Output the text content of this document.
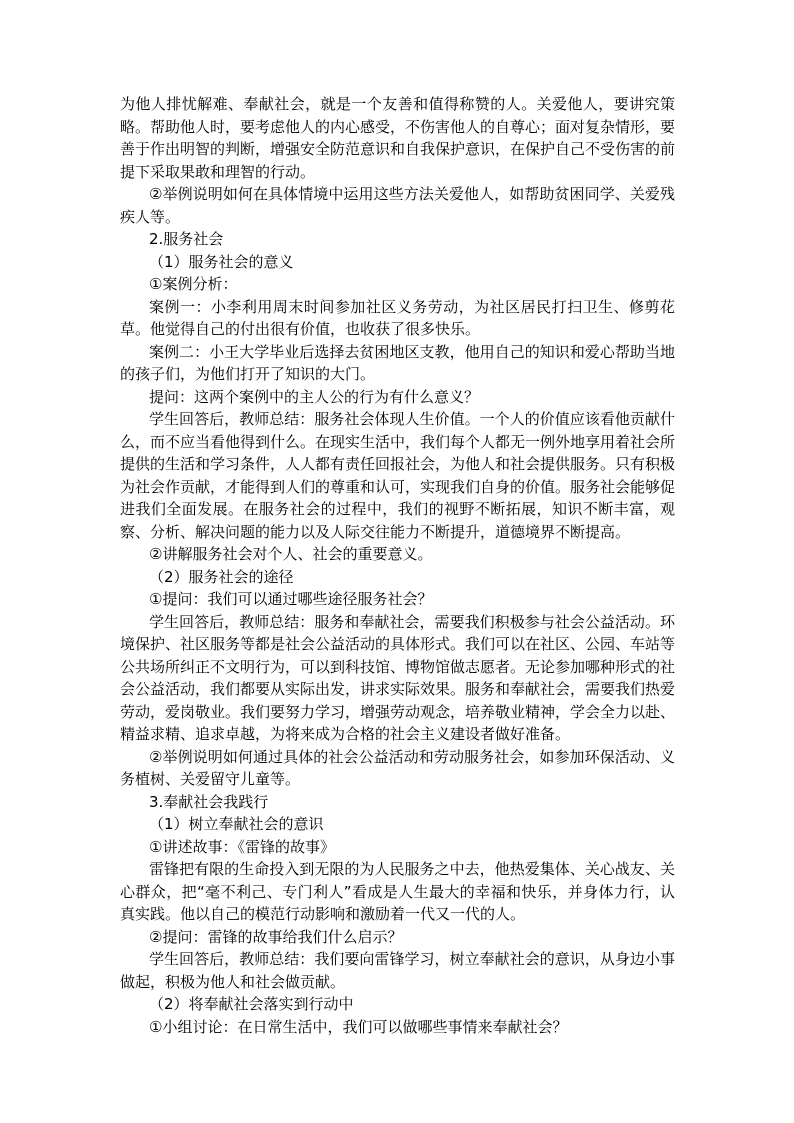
为他人排忧解难、奉献社会，就是一个友善和值得称赞的人。关爱他人，要讲究策略。帮助他人时，要考虑他人的内心感受，不伤害他人的自尊心；面对复杂情形，要善于作出明智的判断，增强安全防范意识和自我保护意识，在保护自己不受伤害的前提下采取果敢和理智的行动。

②举例说明如何在具体情境中运用这些方法关爱他人，如帮助贫困同学、关爱残疾人等。

2.服务社会

（1）服务社会的意义

①案例分析：

案例一：小李利用周末时间参加社区义务劳动，为社区居民打扫卫生、修剪花草。他觉得自己的付出很有价值，也收获了很多快乐。

案例二：小王大学毕业后选择去贫困地区支教，他用自己的知识和爱心帮助当地的孩子们，为他们打开了知识的大门。

提问：这两个案例中的主人公的行为有什么意义？

学生回答后，教师总结：服务社会体现人生价值。一个人的价值应该看他贡献什么，而不应当看他得到什么。在现实生活中，我们每个人都无一例外地享用着社会所提供的生活和学习条件，人人都有责任回报社会，为他人和社会提供服务。只有积极为社会作贡献，才能得到人们的尊重和认可，实现我们自身的价值。服务社会能够促进我们全面发展。在服务社会的过程中，我们的视野不断拓展，知识不断丰富，观察、分析、解决问题的能力以及人际交往能力不断提升，道德境界不断提高。

②讲解服务社会对个人、社会的重要意义。

（2）服务社会的途径

①提问：我们可以通过哪些途径服务社会？

学生回答后，教师总结：服务和奉献社会，需要我们积极参与社会公益活动。环境保护、社区服务等都是社会公益活动的具体形式。我们可以在社区、公园、车站等公共场所纠正不文明行为，可以到科技馆、博物馆做志愿者。无论参加哪种形式的社会公益活动，我们都要从实际出发，讲求实际效果。服务和奉献社会，需要我们热爱劳动，爱岗敬业。我们要努力学习，增强劳动观念，培养敬业精神，学会全力以赴、精益求精、追求卓越，为将来成为合格的社会主义建设者做好准备。

②举例说明如何通过具体的社会公益活动和劳动服务社会，如参加环保活动、义务植树、关爱留守儿童等。

3.奉献社会我践行

（1）树立奉献社会的意识

①讲述故事：《雷锋的故事》

雷锋把有限的生命投入到无限的为人民服务之中去，他热爱集体、关心战友、关心群众，把“毫不利己、专门利人”看成是人生最大的幸福和快乐，并身体力行，认真实践。他以自己的模范行动影响和激励着一代又一代的人。

②提问：雷锋的故事给我们什么启示？

学生回答后，教师总结：我们要向雷锋学习，树立奉献社会的意识，从身边小事做起，积极为他人和社会做贡献。

（2）将奉献社会落实到行动中

①小组讨论：在日常生活中，我们可以做哪些事情来奉献社会？
